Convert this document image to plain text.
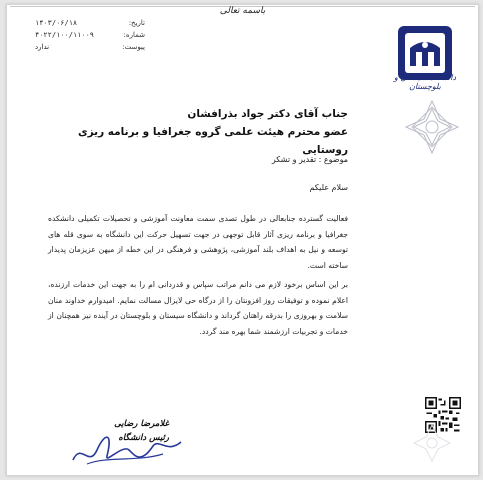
باسمه تعالی
تاریخ:
۱۴۰۳/۰۶/۱۸
شماره:
۴۰۲۲/۱۰۰/۱۱۰۰۹
پیوست:
ندارد
دانشگاه سیستان و بلوچستان
جناب آقای دکتر جواد بذرافشان
عضو محترم هیئت علمی گروه جغرافیا و برنامه ریزی روستایی
موضوع : تقدیر و تشکر
سلام علیکم
فعالیت گسترده جنابعالی در طول تصدی سمت معاونت آموزشی و تحصیلات تکمیلی دانشکده جغرافیا و برنامه ریزی آثار قابل توجهی در جهت تسهیل حرکت این دانشگاه به سوی قله های توسعه و نیل به اهداف بلند آموزشی، پژوهشی و فرهنگی در این خطه از میهن عزیزمان پدیدار ساخته است.
بر این اساس برخود لازم می دانم مراتب سپاس و قدردانی ام را به جهت این خدمات ارزنده، اعلام نموده و توفیقات روز افزونتان را از درگاه حی لایزال مسالت نمایم. امیدوارم خداوند منان سلامت و بهروزی را بدرقه راهتان گرداند و دانشگاه سیستان و بلوچستان در آینده نیز همچنان از خدمات و تجربیات ارزشمند شما بهره مند گردد.
غلامرضا رضایی
رئیس دانشگاه
